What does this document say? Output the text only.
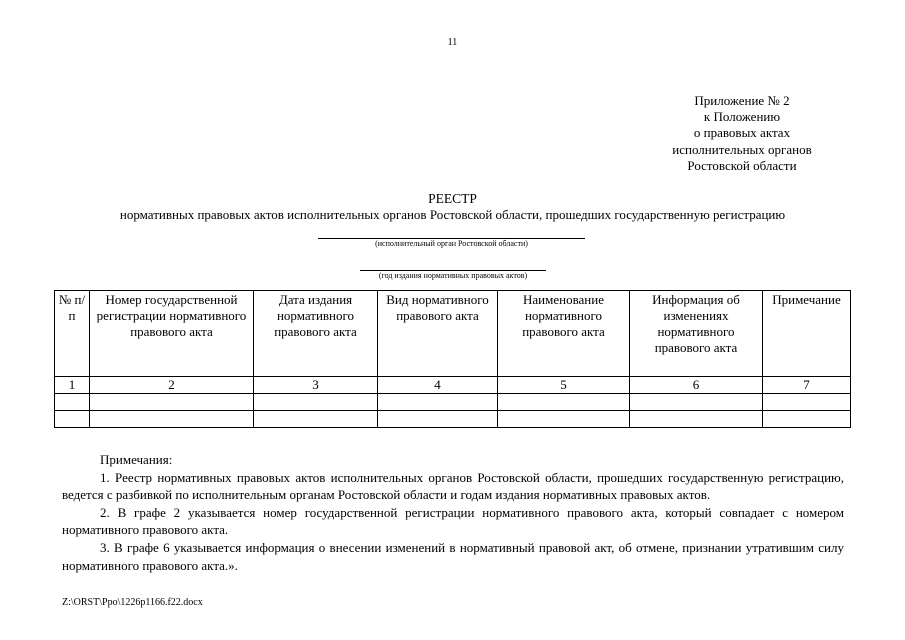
11
Приложение № 2
к Положению
о правовых актах
исполнительных органов
Ростовской области
РЕЕСТР
нормативных правовых актов исполнительных органов Ростовской области, прошедших государственную регистрацию
(исполнительный орган Ростовской области)
(год издания нормативных правовых актов)
№ п/п	Номер государственной регистрации нормативного правового акта	Дата издания нормативного правового акта	Вид нормативного правового акта	Наименование нормативного правового акта	Информация об изменениях нормативного правового акта	Примечание
1	2	3	4	5	6	7

Примечания:

1. Реестр нормативных правовых актов исполнительных органов Ростовской области, прошедших государственную регистрацию, ведется с разбивкой по исполнительным органам Ростовской области и годам издания нормативных правовых актов.

2. В графе 2 указывается номер государственной регистрации нормативного правового акта, который совпадает с номером нормативного правового акта.

3. В графе 6 указывается информация о внесении изменений в нормативный правовой акт, об отмене, признании утратившим силу нормативного правового акта.».

Z:\ORST\Ppo\1226p1166.f22.docx
